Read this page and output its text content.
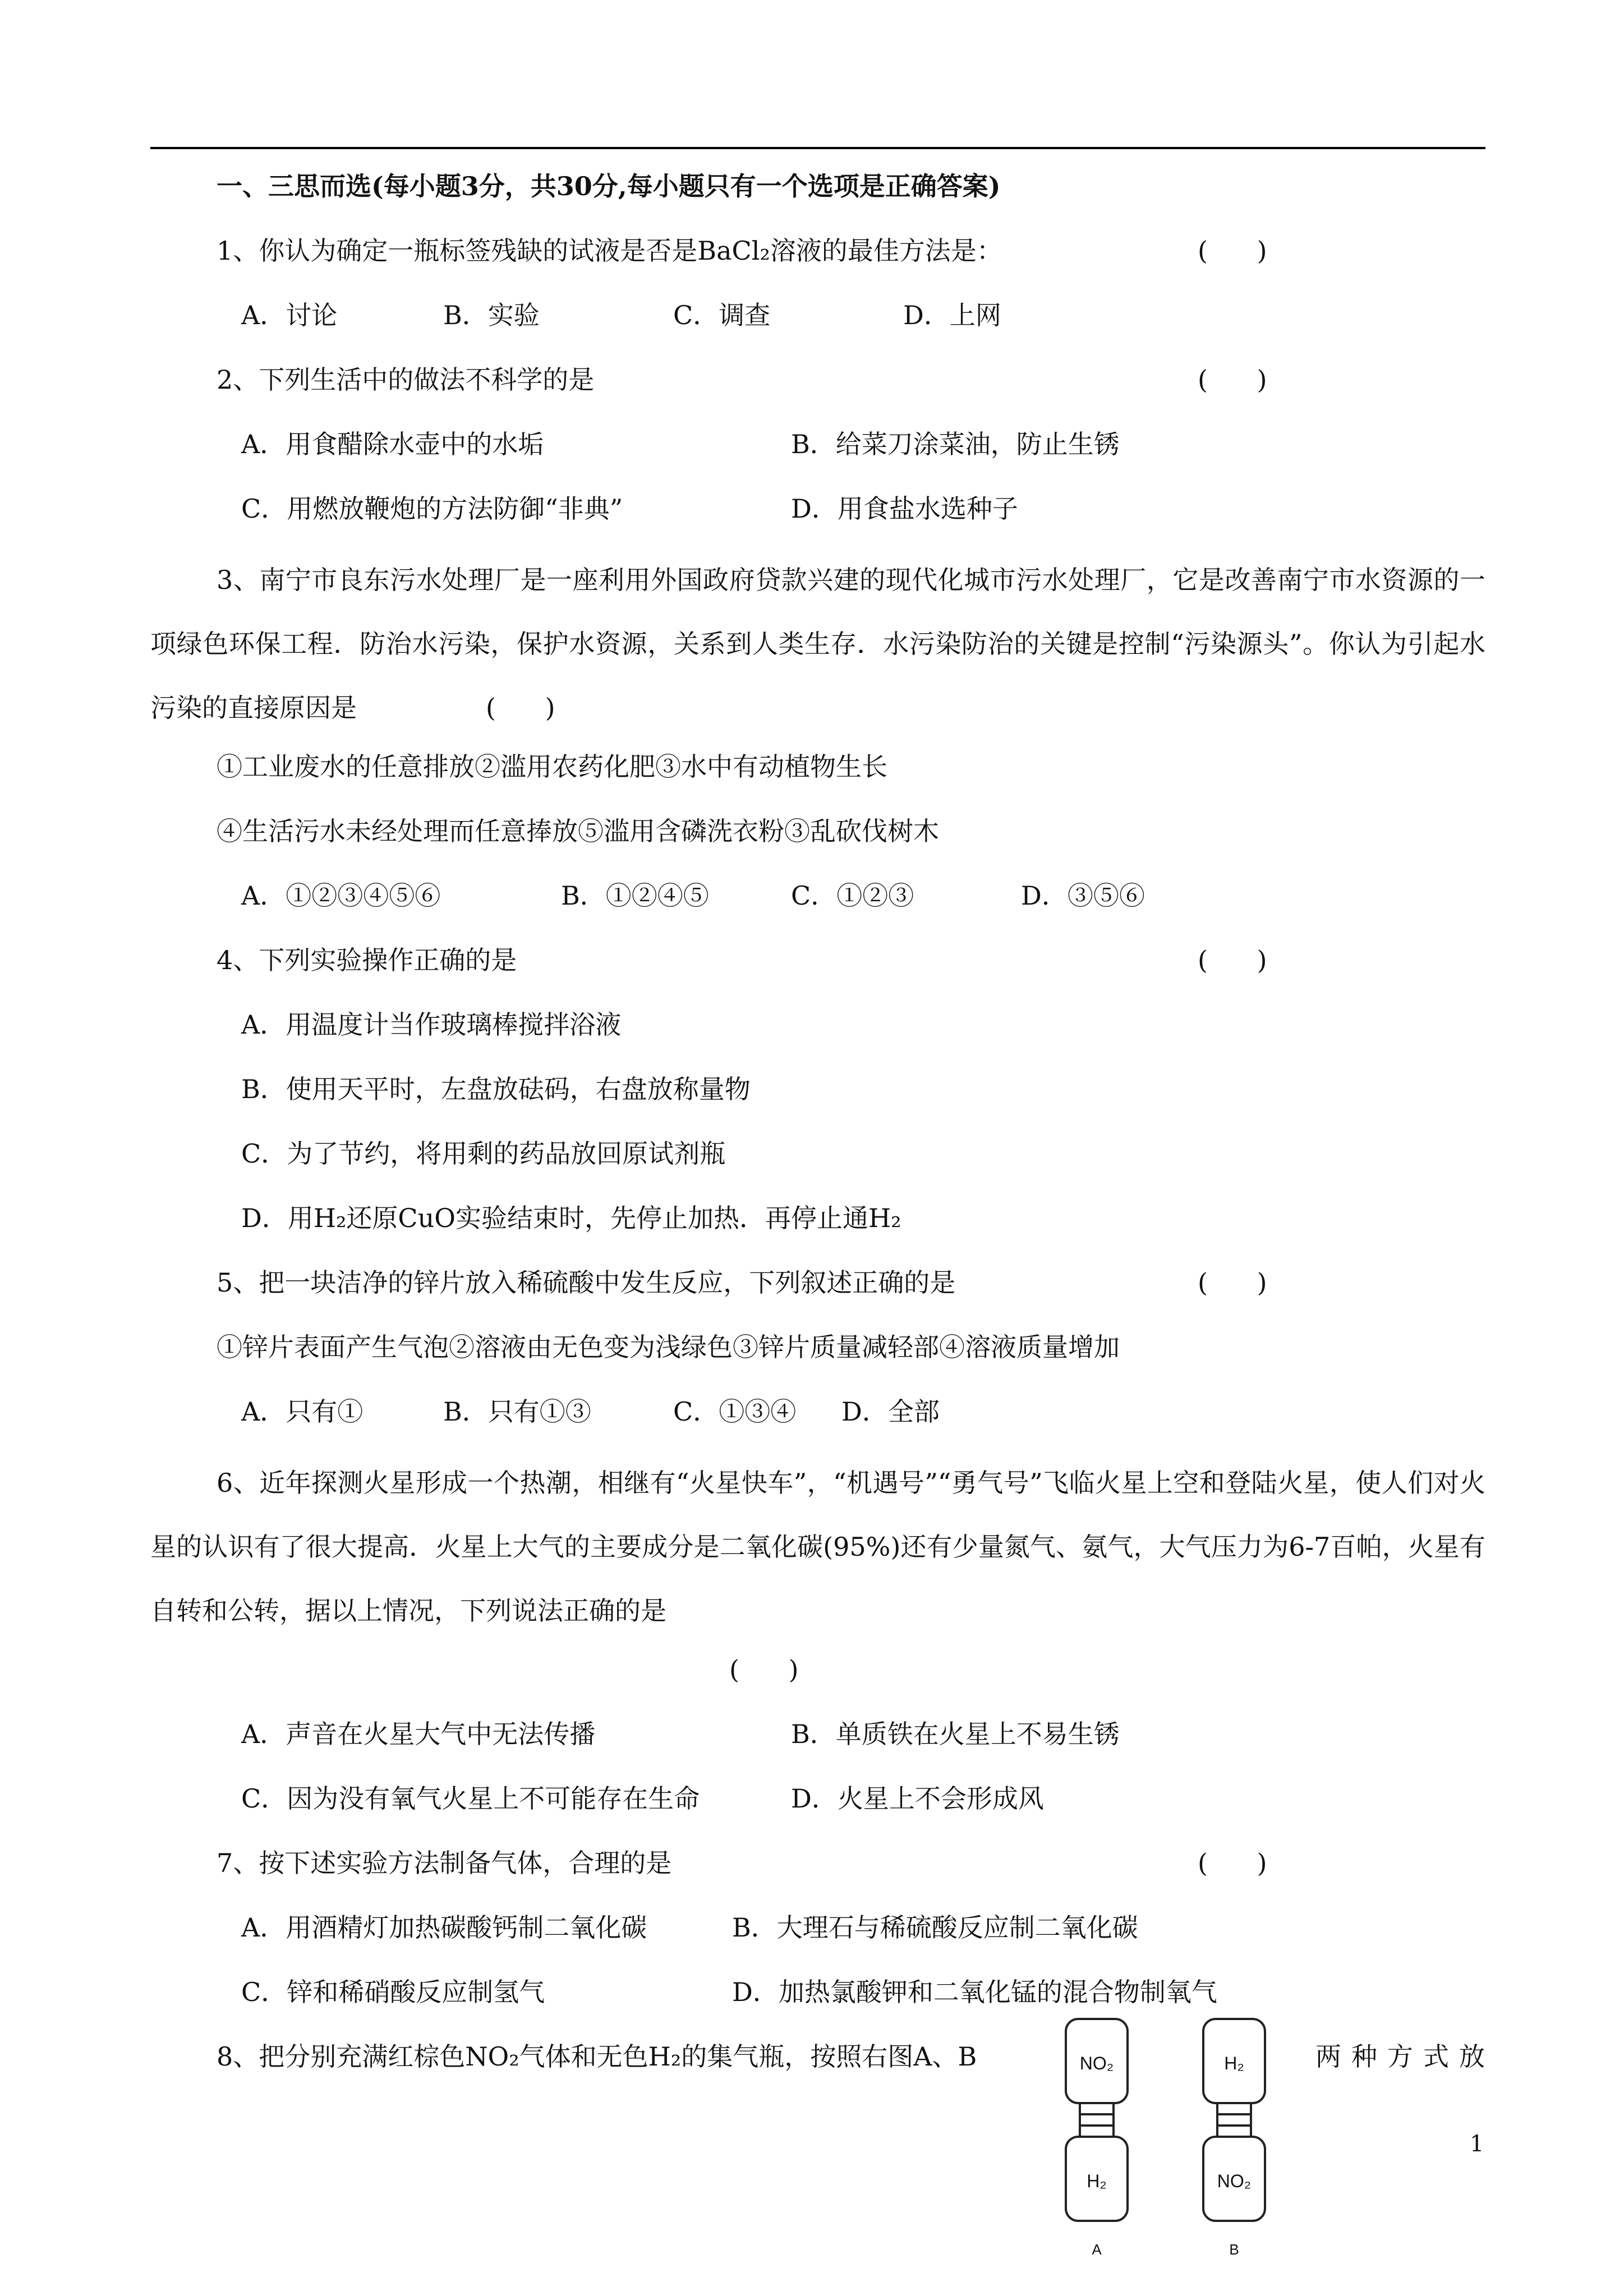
一、三思而选(每小题3分，共30分,每小题只有一个选项是正确答案)
1、你认为确定一瓶标签残缺的试液是否是BaCl₂溶液的最佳方法是：	(      )
A．讨论	B．实验	C．调查	D．上网
2、下列生活中的做法不科学的是	(      )
A．用食醋除水壶中的水垢	B．给菜刀涂菜油，防止生锈
C．用燃放鞭炮的方法防御“非典”	D．用食盐水选种子
3、南宁市良东污水处理厂是一座利用外国政府贷款兴建的现代化城市污水处理厂，它是改善南宁市水资源的一项绿色环保工程．防治水污染，保护水资源，关系到人类生存．水污染防治的关键是控制“污染源头”。你认为引起水污染的直接原因是	(      )
①工业废水的任意排放②滥用农药化肥③水中有动植物生长
④生活污水未经处理而任意捧放⑤滥用含磷洗衣粉③乱砍伐树木
A．①②③④⑤⑥	B．①②④⑤	C．①②③	D．③⑤⑥
4、下列实验操作正确的是	(      )
A．用温度计当作玻璃棒搅拌浴液
B．使用天平时，左盘放砝码，右盘放称量物
C．为了节约，将用剩的药品放回原试剂瓶
D．用H₂还原CuO实验结束时，先停止加热．再停止通H₂
5、把一块洁净的锌片放入稀硫酸中发生反应，下列叙述正确的是	(      )
①锌片表面产生气泡②溶液由无色变为浅绿色③锌片质量减轻部④溶液质量增加
A．只有①	B．只有①③	C．①③④ D．全部
6、近年探测火星形成一个热潮，相继有“火星快车”，“机遇号”“勇气号”飞临火星上空和登陆火星，使人们对火星的认识有了很大提高．火星上大气的主要成分是二氧化碳(95%)还有少量氮气、氨气，大气压力为6-7百帕，火星有自转和公转，据以上情况，下列说法正确的是
(      )
A．声音在火星大气中无法传播	B．单质铁在火星上不易生锈
C．因为没有氧气火星上不可能存在生命	D．火星上不会形成风
7、按下述实验方法制备气体，合理的是	(      )
A．用酒精灯加热碳酸钙制二氧化碳	B．大理石与稀硫酸反应制二氧化碳
C．锌和稀硝酸反应制氢气	D．加热氯酸钾和二氧化锰的混合物制氧气
8、把分别充满红棕色NO₂气体和无色H₂的集气瓶，按照右图A、B	两种方式放
NO₂
H₂
H₂
NO₂
A	B
1
